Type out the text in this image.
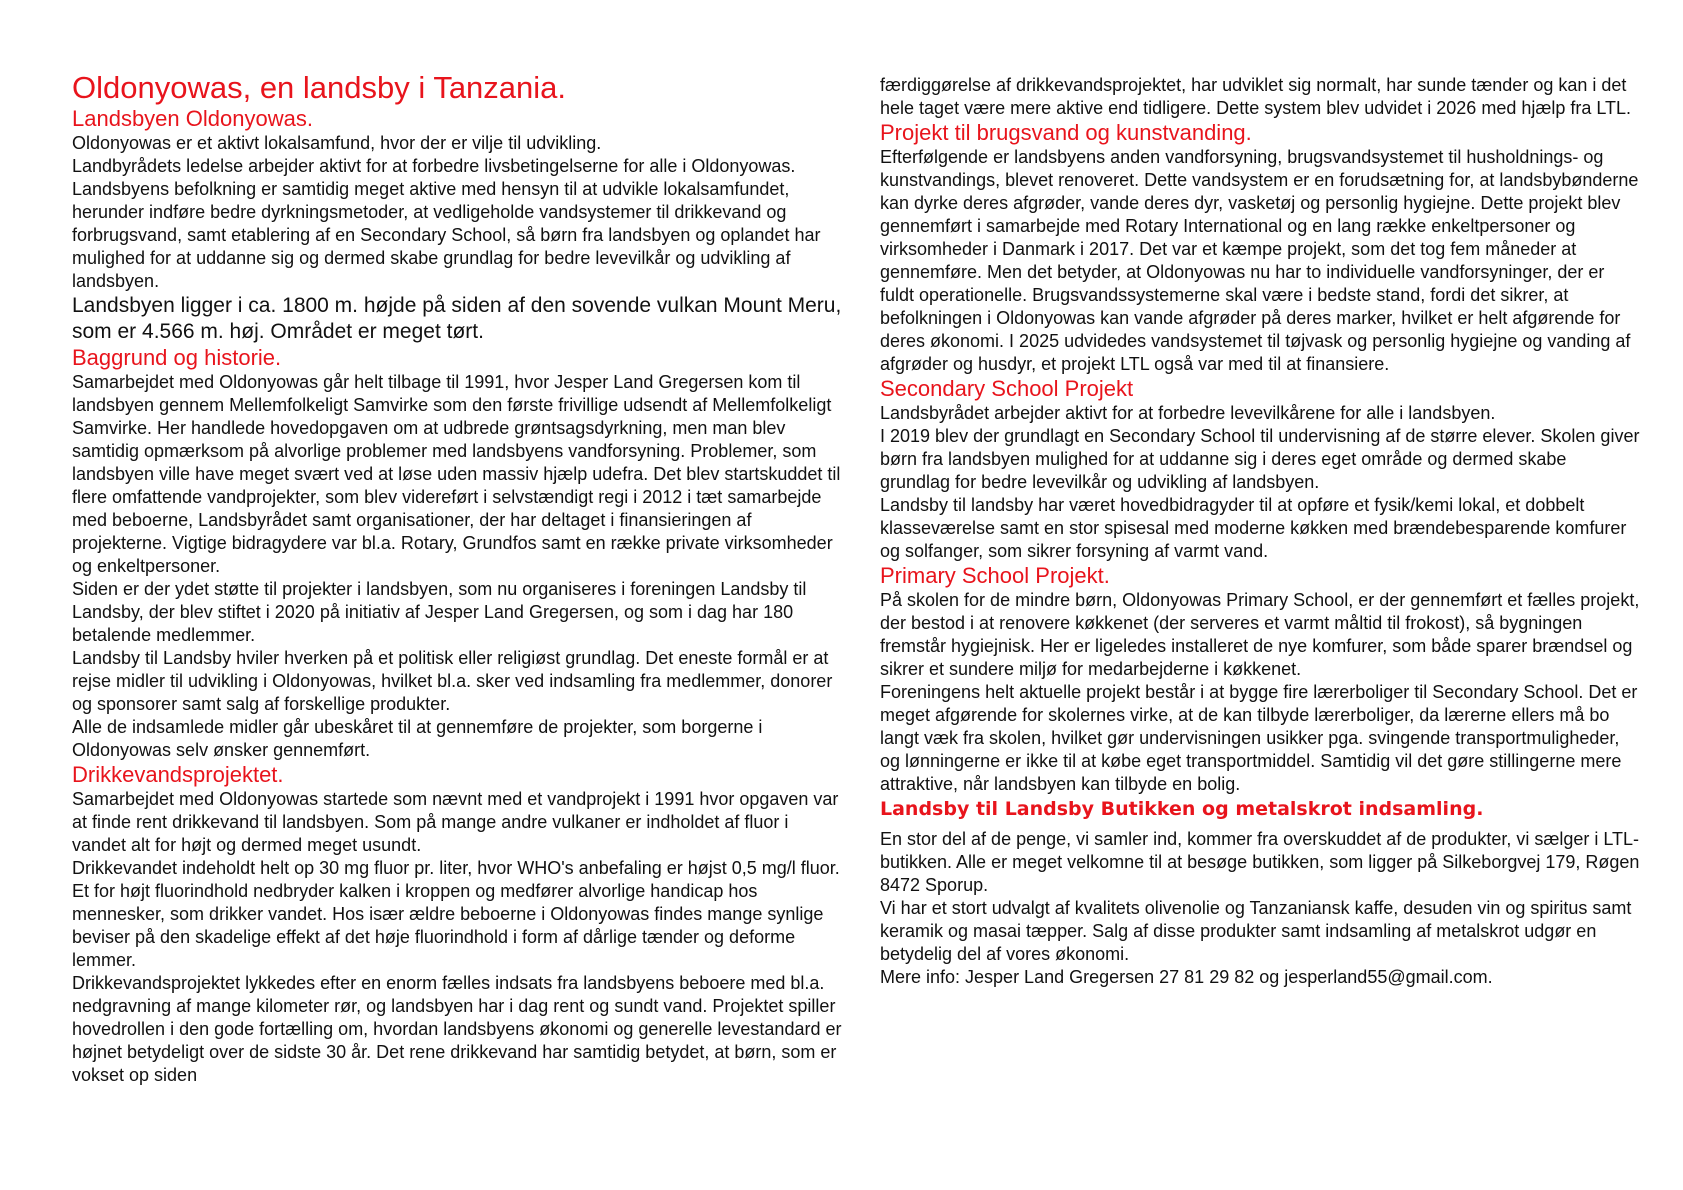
Oldonyowas, en landsby i Tanzania.
Landsbyen Oldonyowas.

Oldonyowas er et aktivt lokalsamfund, hvor der er vilje til udvikling.

Landbyrådets ledelse arbejder aktivt for at forbedre livsbetingelserne for alle i Oldonyowas. Landsbyens befolkning er samtidig meget aktive med hensyn til at udvikle lokalsamfundet, herunder indføre bedre dyrkningsmetoder, at vedligeholde vandsystemer til drikkevand og forbrugsvand, samt etablering af en Secondary School, så børn fra landsbyen og oplandet har mulighed for at uddanne sig og dermed skabe grundlag for bedre levevilkår og udvikling af landsbyen.

Landsbyen ligger i ca. 1800 m. højde på siden af den sovende vulkan Mount Meru, som er 4.566 m. høj. Området er meget tørt.

Baggrund og historie.

Samarbejdet med Oldonyowas går helt tilbage til 1991, hvor Jesper Land Gregersen kom til landsbyen gennem Mellemfolkeligt Samvirke som den første frivillige udsendt af Mellemfolkeligt Samvirke. Her handlede hovedopgaven om at udbrede grøntsagsdyrkning, men man blev samtidig opmærksom på alvorlige problemer med landsbyens vandforsyning. Problemer, som landsbyen ville have meget svært ved at løse uden massiv hjælp udefra. Det blev startskuddet til flere omfattende vandprojekter, som blev videreført i selvstændigt regi i 2012 i tæt samarbejde med beboerne, Landsbyrådet samt organisationer, der har deltaget i finansieringen af projekterne. Vigtige bidragydere var bl.a. Rotary, Grundfos samt en række private virksomheder og enkeltpersoner.

Siden er der ydet støtte til projekter i landsbyen, som nu organiseres i foreningen Landsby til Landsby, der blev stiftet i 2020 på initiativ af Jesper Land Gregersen, og som i dag har 180 betalende medlemmer.

Landsby til Landsby hviler hverken på et politisk eller religiøst grundlag. Det eneste formål er at rejse midler til udvikling i Oldonyowas, hvilket bl.a. sker ved indsamling fra medlemmer, donorer og sponsorer samt salg af forskellige produkter.

Alle de indsamlede midler går ubeskåret til at gennemføre de projekter, som borgerne i Oldonyowas selv ønsker gennemført.

Drikkevandsprojektet.

Samarbejdet med Oldonyowas startede som nævnt med et vandprojekt i 1991 hvor opgaven var at finde rent drikkevand til landsbyen. Som på mange andre vulkaner er indholdet af fluor i vandet alt for højt og dermed meget usundt.

Drikkevandet indeholdt helt op 30 mg fluor pr. liter, hvor WHO's anbefaling er højst 0,5 mg/l fluor. Et for højt fluorindhold nedbryder kalken i kroppen og medfører alvorlige handicap hos mennesker, som drikker vandet. Hos især ældre beboerne i Oldonyowas findes mange synlige beviser på den skadelige effekt af det høje fluorindhold i form af dårlige tænder og deforme lemmer.

Drikkevandsprojektet lykkedes efter en enorm fælles indsats fra landsbyens beboere med bl.a. nedgravning af mange kilometer rør, og landsbyen har i dag rent og sundt vand. Projektet spiller hovedrollen i den gode fortælling om, hvordan landsbyens økonomi og generelle levestandard er højnet betydeligt over de sidste 30 år. Det rene drikkevand har samtidig betydet, at børn, som er vokset op siden

færdiggørelse af drikkevandsprojektet, har udviklet sig normalt, har sunde tænder og kan i det hele taget være mere aktive end tidligere. Dette system blev udvidet i 2026 med hjælp fra LTL.

Projekt til brugsvand og kunstvanding.

Efterfølgende er landsbyens anden vandforsyning, brugsvandsystemet til husholdnings- og kunstvandings, blevet renoveret. Dette vandsystem er en forudsætning for, at landsbybønderne kan dyrke deres afgrøder, vande deres dyr, vasketøj og personlig hygiejne. Dette projekt blev gennemført i samarbejde med Rotary International og en lang række enkeltpersoner og virksomheder i Danmark i 2017. Det var et kæmpe projekt, som det tog fem måneder at gennemføre. Men det betyder, at Oldonyowas nu har to individuelle vandforsyninger, der er fuldt operationelle. Brugsvandssystemerne skal være i bedste stand, fordi det sikrer, at befolkningen i Oldonyowas kan vande afgrøder på deres marker, hvilket er helt afgørende for deres økonomi. I 2025 udvidedes vandsystemet til tøjvask og personlig hygiejne og vanding af afgrøder og husdyr, et projekt LTL også var med til at finansiere.

Secondary School Projekt

Landsbyrådet arbejder aktivt for at forbedre levevilkårene for alle i landsbyen.

I 2019 blev der grundlagt en Secondary School til undervisning af de større elever. Skolen giver børn fra landsbyen mulighed for at uddanne sig i deres eget område og dermed skabe grundlag for bedre levevilkår og udvikling af landsbyen.

Landsby til landsby har været hovedbidragyder til at opføre et fysik/kemi lokal, et dobbelt klasseværelse samt en stor spisesal med moderne køkken med brændebesparende komfurer og solfanger, som sikrer forsyning af varmt vand.

Primary School Projekt.

På skolen for de mindre børn, Oldonyowas Primary School, er der gennemført et fælles projekt, der bestod i at renovere køkkenet (der serveres et varmt måltid til frokost), så bygningen fremstår hygiejnisk. Her er ligeledes installeret de nye komfurer, som både sparer brændsel og sikrer et sundere miljø for medarbejderne i køkkenet.

Foreningens helt aktuelle projekt består i at bygge fire lærerboliger til Secondary School. Det er meget afgørende for skolernes virke, at de kan tilbyde lærerboliger, da lærerne ellers må bo langt væk fra skolen, hvilket gør undervisningen usikker pga. svingende transportmuligheder, og lønningerne er ikke til at købe eget transportmiddel. Samtidig vil det gøre stillingerne mere attraktive, når landsbyen kan tilbyde en bolig.

Landsby til Landsby Butikken og metalskrot indsamling.

En stor del af de penge, vi samler ind, kommer fra overskuddet af de produkter, vi sælger i LTL-butikken. Alle er meget velkomne til at besøge butikken, som ligger på Silkeborgvej 179, Røgen 8472 Sporup.

Vi har et stort udvalgt af kvalitets olivenolie og Tanzaniansk kaffe, desuden vin og spiritus samt keramik og masai tæpper. Salg af disse produkter samt indsamling af metalskrot udgør en betydelig del af vores økonomi.

Mere info: Jesper Land Gregersen 27 81 29 82 og jesperland55@gmail.com.
